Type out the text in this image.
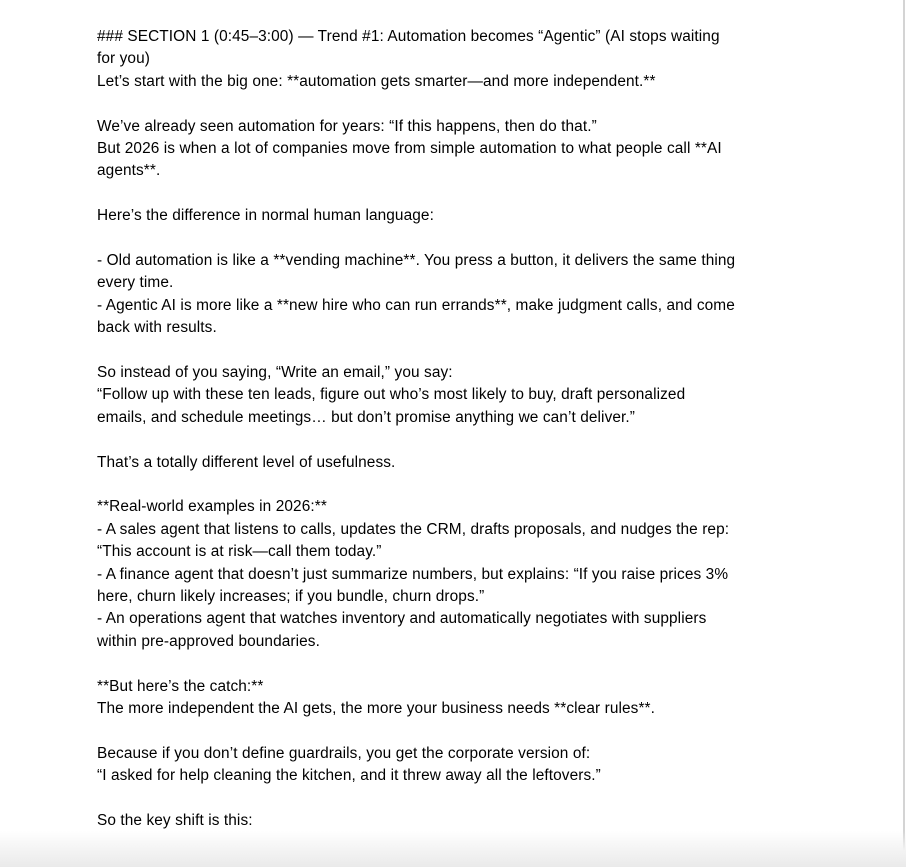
### SECTION 1 (0:45–3:00) — Trend #1: Automation becomes “Agentic” (AI stops waiting
for you)
Let’s start with the big one: **automation gets smarter—and more independent.**
We’ve already seen automation for years: “If this happens, then do that.”
But 2026 is when a lot of companies move from simple automation to what people call **AI
agents**.
Here’s the difference in normal human language:
- Old automation is like a **vending machine**. You press a button, it delivers the same thing
every time.
- Agentic AI is more like a **new hire who can run errands**, make judgment calls, and come
back with results.
So instead of you saying, “Write an email,” you say:
“Follow up with these ten leads, figure out who’s most likely to buy, draft personalized
emails, and schedule meetings… but don’t promise anything we can’t deliver.”
That’s a totally different level of usefulness.
**Real-world examples in 2026:**
- A sales agent that listens to calls, updates the CRM, drafts proposals, and nudges the rep:
“This account is at risk—call them today.”
- A finance agent that doesn’t just summarize numbers, but explains: “If you raise prices 3%
here, churn likely increases; if you bundle, churn drops.”
- An operations agent that watches inventory and automatically negotiates with suppliers
within pre-approved boundaries.
**But here’s the catch:**
The more independent the AI gets, the more your business needs **clear rules**.
Because if you don’t define guardrails, you get the corporate version of:
“I asked for help cleaning the kitchen, and it threw away all the leftovers.”
So the key shift is this:
